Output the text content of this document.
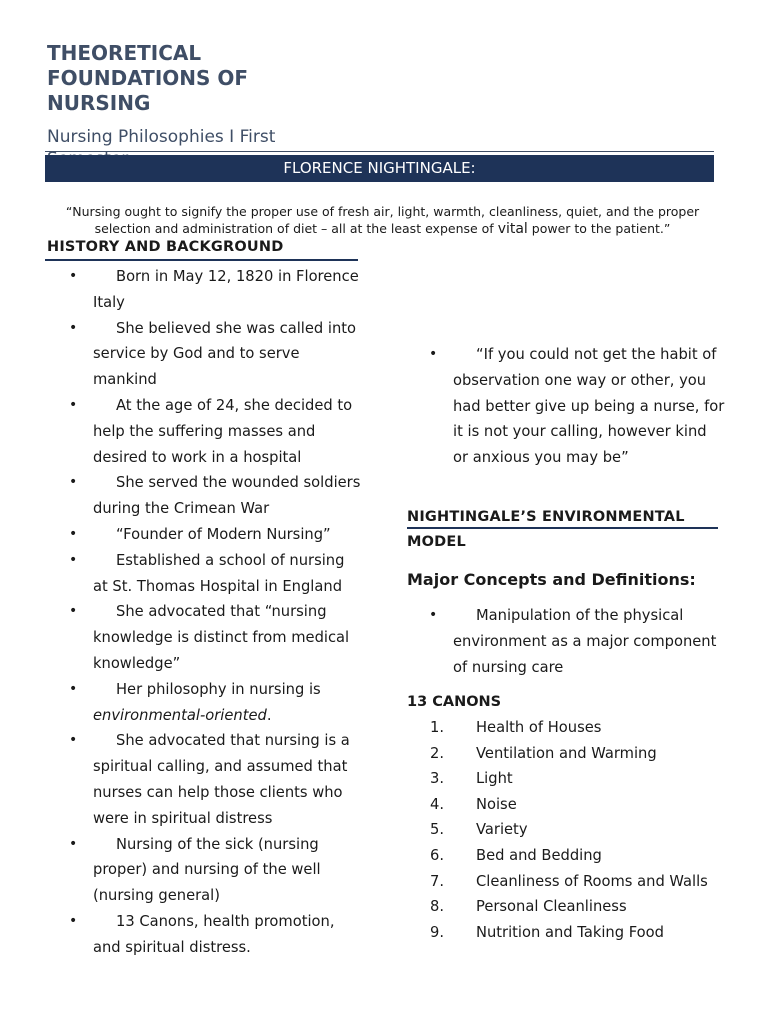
THEORETICAL FOUNDATIONS OF NURSING
Nursing Philosophies I First
FLORENCE NIGHTINGALE:

“Nursing ought to signify the proper use of fresh air, light, warmth, cleanliness, quiet, and the proper selection and administration of diet – all at the least expense of vital power to the patient.”

HISTORY AND BACKGROUND
•	Born in May 12, 1820 in Florence Italy
•	She believed she was called into service by God and to serve mankind
•	At the age of 24, she decided to help the suffering masses and desired to work in a hospital
•	She served the wounded soldiers during the Crimean War
•	“Founder of Modern Nursing”
•	Established a school of nursing at St. Thomas Hospital in England
•	She advocated that “nursing knowledge is distinct from medical knowledge”
•	Her philosophy in nursing is environmental-oriented.
•	She advocated that nursing is a spiritual calling, and assumed that nurses can help those clients who were in spiritual distress
•	Nursing of the sick (nursing proper) and nursing of the well (nursing general)
•	13 Canons, health promotion, and spiritual distress.
•	“If you could not get the habit of observation one way or other, you had better give up being a nurse, for it is not your calling, however kind or anxious you may be”
NIGHTINGALE’S ENVIRONMENTAL MODEL
Major Concepts and Definitions:
•	Manipulation of the physical environment as a major component of nursing care
13 CANONS
1. Health of Houses
2. Ventilation and Warming
3. Light
4. Noise
5. Variety
6. Bed and Bedding
7. Cleanliness of Rooms and Walls
8. Personal Cleanliness
9. Nutrition and Taking Food
